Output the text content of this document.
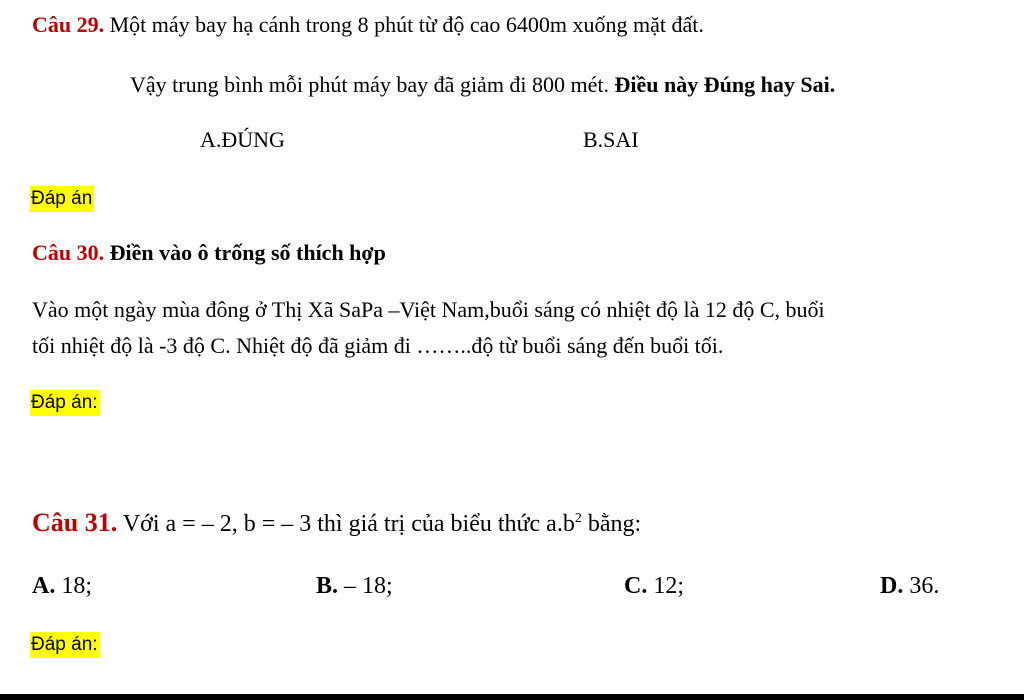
Câu 29. Một máy bay hạ cánh trong 8 phút từ độ cao 6400m xuống mặt đất.
Vậy trung bình mỗi phút máy bay đã giảm đi 800 mét. Điều này Đúng hay Sai.
A.ĐÚNG	B.SAI
Đáp án
Câu 30. Điền vào ô trống số thích hợp
Vào một ngày mùa đông ở Thị Xã SaPa –Việt Nam,buổi sáng có nhiệt độ là 12 độ C, buổi
tối nhiệt độ là -3 độ C. Nhiệt độ đã giảm đi ……..độ từ buổi sáng đến buổi tối.
Đáp án:
Câu 31. Với a = – 2, b = – 3 thì giá trị của biểu thức $a.b^2$ bằng:
A. 18;	B. – 18;	C. 12;	D. 36.
Đáp án:
